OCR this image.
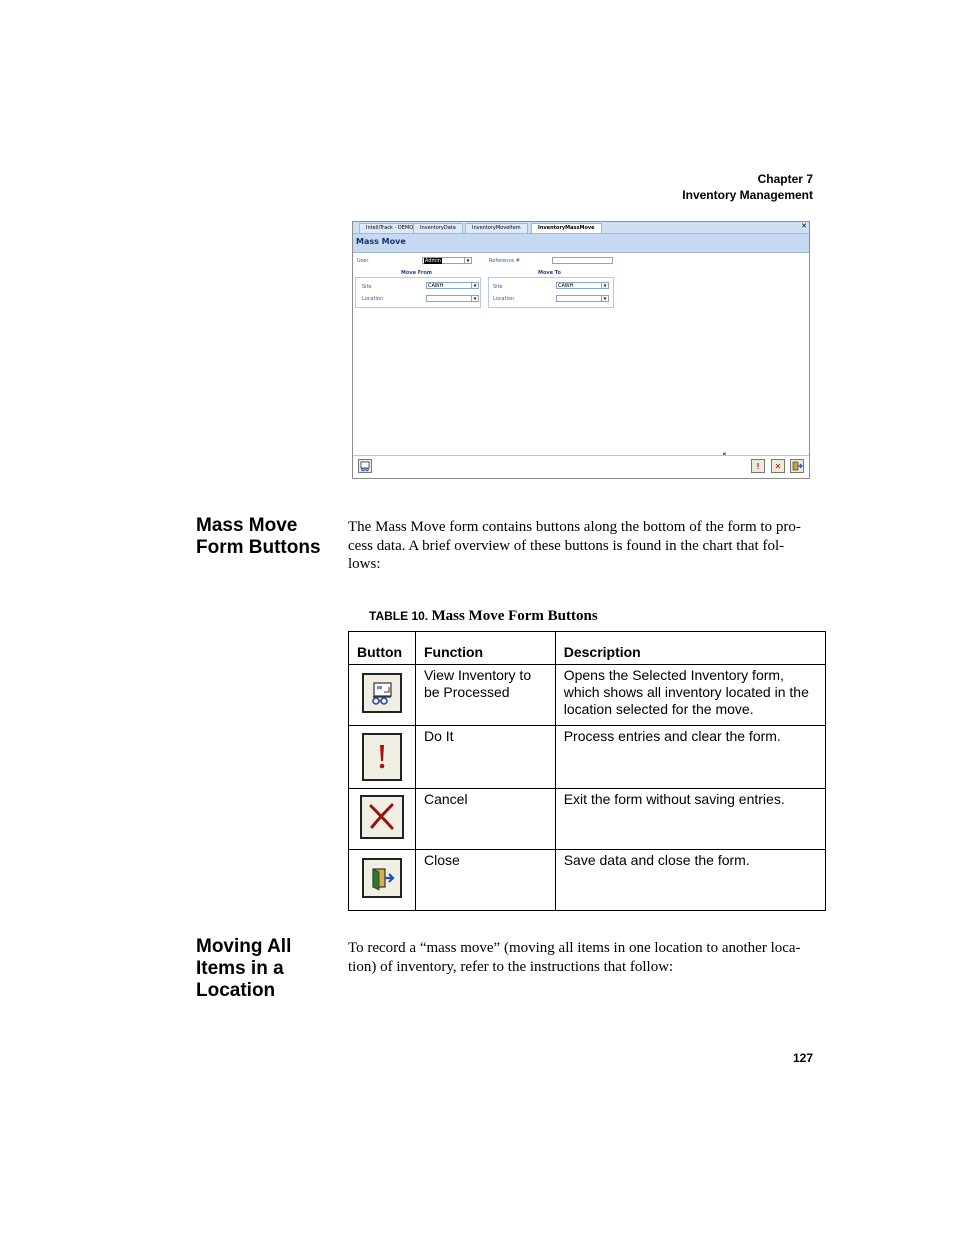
Chapter 7
Inventory Management
IntelliTrack - DEMO	InventoryData	InventoryMoveItem	InventoryMassMove	✕
Mass Move
User	Admin	▼	Reference #
Move From	Move To
Site	CAWH	▼
Location	▼
Site	CAWH	▼
Location	▼
!	✕
Mass Move
Form Buttons
The Mass Move form contains buttons along the bottom of the form to pro-
cess data. A brief overview of these buttons is found in the chart that fol-
lows:
TABLE 10. Mass Move Form Buttons
Button	Function	Description

	View Inventory to be Processed	Opens the Selected Inventory form, which shows all inventory located in the location selected for the move.

	Do It	Process entries and clear the form.

	Cancel	Exit the form without saving entries.

	Close	Save data and close the form.
Moving All
Items in a
Location
To record a “mass move” (moving all items in one location to another loca-
tion) of inventory, refer to the instructions that follow:
127
